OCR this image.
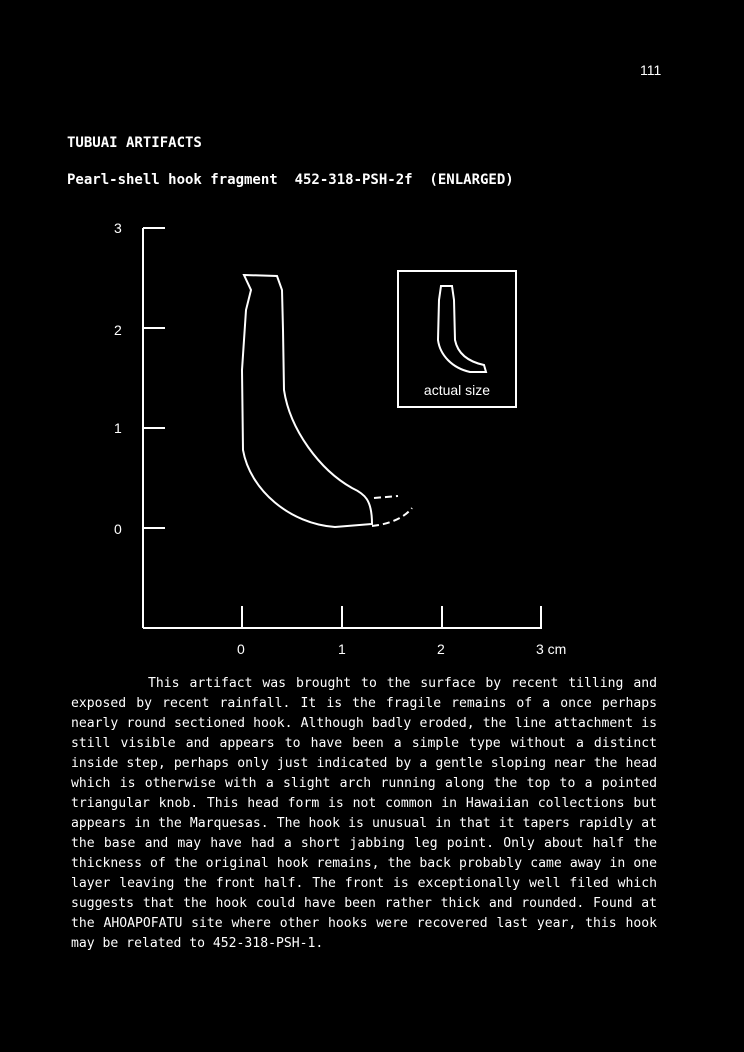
111
TUBUAI ARTIFACTS
Pearl-shell hook fragment  452-318-PSH-2f  (ENLARGED)
3
2
1
0
0	1	2	3 cm
actual size
This artifact was brought to the surface by recent tilling and exposed by recent rainfall. It is the fragile remains of a once perhaps nearly round sectioned hook. Although badly eroded, the line attachment is still visible and appears to have been a simple type without a distinct inside step, perhaps only just indicated by a gentle sloping near the head which is otherwise with a slight arch running along the top to a pointed triangular knob. This head form is not common in Hawaiian collections but appears in the Marquesas. The hook is unusual in that it tapers rapidly at the base and may have had a short jabbing leg point. Only about half the thickness of the original hook remains, the back probably came away in one layer leaving the front half. The front is exceptionally well filed which suggests that the hook could have been rather thick and rounded. Found at the AHOAPOFATU site where other hooks were recovered last year, this hook may be related to 452-318-PSH-1.
